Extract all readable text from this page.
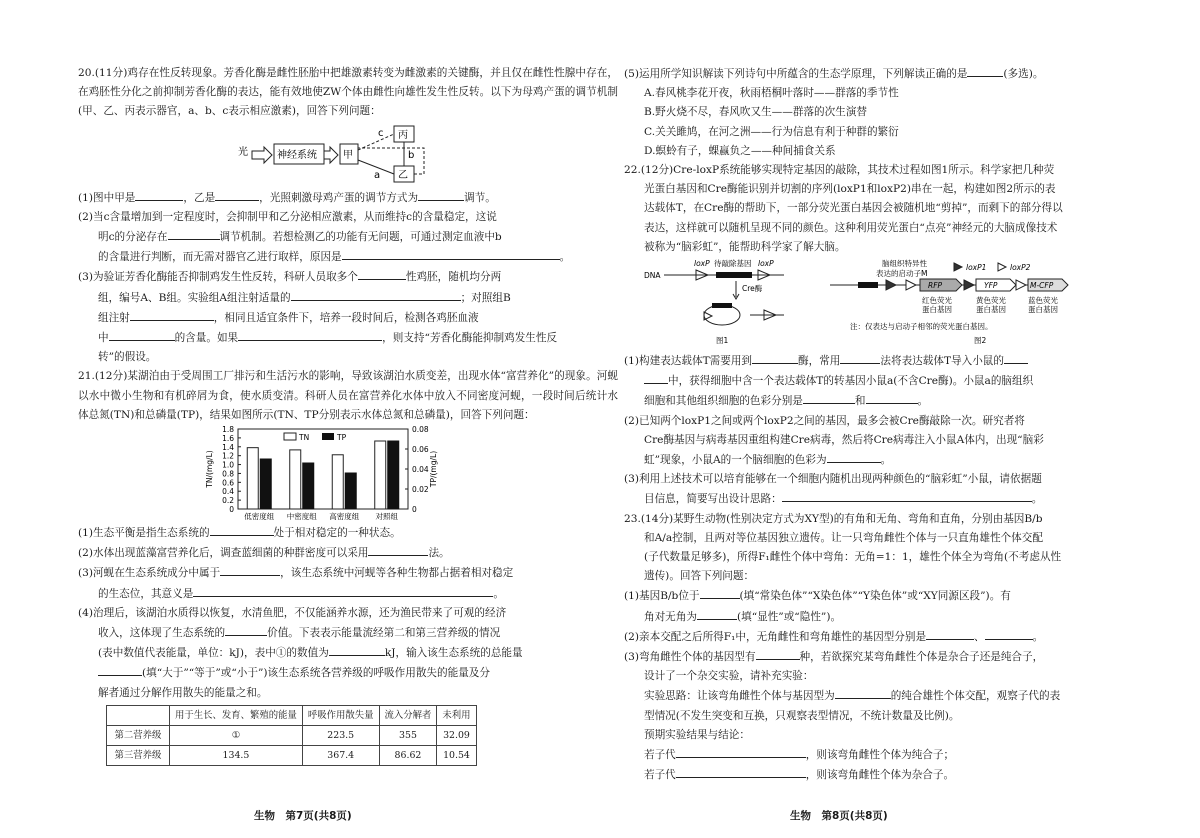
20.(11分)鸡存在性反转现象。芳香化酶是雌性胚胎中把雄激素转变为雌激素的关键酶，并且仅在雌性性腺中存在，在鸡胚性分化之前抑制芳香化酶的表达，能有效地使ZW个体由雌性向雄性发生性反转。以下为母鸡产蛋的调节机制(甲、乙、丙表示器官，a、b、c表示相应激素)，回答下列问题：

光	神经系统	甲
丙
乙
c
a
b

(1)图中甲是	，乙是	，光照刺激母鸡产蛋的调节方式为	调节。

(2)当c含量增加到一定程度时，会抑制甲和乙分泌相应激素，从而维持c的含量稳定，这说

明c的分泌存在	调节机制。若想检测乙的功能有无问题，可通过测定血液中b

的含量进行判断，而无需对器官乙进行取样，原因是	。

(3)为验证芳香化酶能否抑制鸡发生性反转，科研人员取多个	性鸡胚，随机均分两

组，编号A、B组。实验组A组注射适量的	；对照组B

组注射	，相同且适宜条件下，培养一段时间后，检测各鸡胚血液

中	的含量。如果	，则支持“芳香化酶能抑制鸡发生性反

转”的假设。

21.(12分)某湖泊由于受周围工厂排污和生活污水的影响，导致该湖泊水质变差，出现水体“富营养化”的现象。河蚬以水中微小生物和有机碎屑为食，使水质变清。科研人员在富营养化水体中放入不同密度河蚬，一段时间后统计水体总氮(TN)和总磷量(TP)，结果如图所示(TN、TP分别表示水体总氮和总磷量)，回答下列问题：

0
0.2
0.4
0.6
0.8
1.0
1.2
1.4
1.6
1.8
0
0.02
0.04
0.06
0.08
TN/(mg/L)	TP/(mg/L)
低密度组 中密度组 高密度组 对照组
TN	TP

(1)生态平衡是指生态系统的	处于相对稳定的一种状态。

(2)水体出现蓝藻富营养化后，调查蓝细菌的种群密度可以采用	法。

(3)河蚬在生态系统成分中属于	，该生态系统中河蚬等各种生物都占据着相对稳定

的生态位，其意义是	。

(4)治理后，该湖泊水质得以恢复，水清鱼肥，不仅能涵养水源，还为渔民带来了可观的经济

收入，这体现了生态系统的	价值。下表表示能量流经第二和第三营养级的情况

(表中数值代表能量，单位：kJ)，表中①的数值为	kJ，输入该生态系统的总能量

(填“大于”“等于”或“小于”)该生态系统各营养级的呼吸作用散失的能量及分

解者通过分解作用散失的能量之和。

	用于生长、发育、繁殖的能量	呼吸作用散失量	流入分解者	未利用
第二营养级	①	223.5	355	32.09
第三营养级	134.5	367.4	86.62	10.54

(5)运用所学知识解读下列诗句中所蕴含的生态学原理，下列解读正确的是	(多选)。

A.春风桃李花开夜，秋雨梧桐叶落时——群落的季节性

B.野火烧不尽，春风吹又生——群落的次生演替

C.关关雎鸠，在河之洲——行为信息有利于种群的繁衍

D.螟蛉有子，蜾蠃负之——种间捕食关系

22.(12分)Cre-loxP系统能够实现特定基因的敲除，其技术过程如图1所示。科学家把几种荧

光蛋白基因和Cre酶能识别并切割的序列(loxP1和loxP2)串在一起，构建如图2所示的表

达载体T，在Cre酶的帮助下，一部分荧光蛋白基因会被随机地“剪掉”，而剩下的部分得以

表达，这样就可以随机呈现不同的颜色。这种利用荧光蛋白“点亮”神经元的大脑成像技术

被称为“脑彩虹”，能帮助科学家了解大脑。

DNA
loxP 待敲除基因 loxP
Cre酶
图1
脑组织特异性
表达的启动子M
RFP	YFP	M-CFP
loxP1	loxP2
红色荧光
蛋白基因
黄色荧光
蛋白基因
蓝色荧光
蛋白基因
注：仅表达与启动子相邻的荧光蛋白基因。
图2

(1)构建表达载体T需要用到	酶，常用	法将表达载体T导入小鼠的

中，获得细胞中含一个表达载体T的转基因小鼠a(不含Cre酶)。小鼠a的脑组织

细胞和其他组织细胞的色彩分别是	和	。

(2)已知两个loxP1之间或两个loxP2之间的基因，最多会被Cre酶敲除一次。研究者将

Cre酶基因与病毒基因重组构建Cre病毒，然后将Cre病毒注入小鼠A体内，出现“脑彩

虹”现象，小鼠A的一个脑细胞的色彩为	。

(3)利用上述技术可以培育能够在一个细胞内随机出现两种颜色的“脑彩虹”小鼠，请依据题

目信息，简要写出设计思路：	。

23.(14分)某野生动物(性别决定方式为XY型)的有角和无角、弯角和直角，分别由基因B/b

和A/a控制，且两对等位基因独立遗传。让一只弯角雌性个体与一只直角雄性个体交配

(子代数量足够多)，所得F₁雌性个体中弯角：无角=1：1，雄性个体全为弯角(不考虑从性

遗传)。回答下列问题：

(1)基因B/b位于	(填“常染色体”“X染色体”“Y染色体”或“XY同源区段”)。有

角对无角为	(填“显性”或“隐性”)。

(2)亲本交配之后所得F₁中，无角雌性和弯角雄性的基因型分别是	、	。

(3)弯角雌性个体的基因型有	种，若欲探究某弯角雌性个体是杂合子还是纯合子，

设计了一个杂交实验，请补充实验：

实验思路：让该弯角雌性个体与基因型为	的纯合雄性个体交配，观察子代的表

型情况(不发生突变和互换，只观察表型情况，不统计数量及比例)。

预期实验结果与结论：

若子代	，则该弯角雌性个体为纯合子；

若子代	，则该弯角雌性个体为杂合子。

生物　第7页(共8页)	生物　第8页(共8页)
